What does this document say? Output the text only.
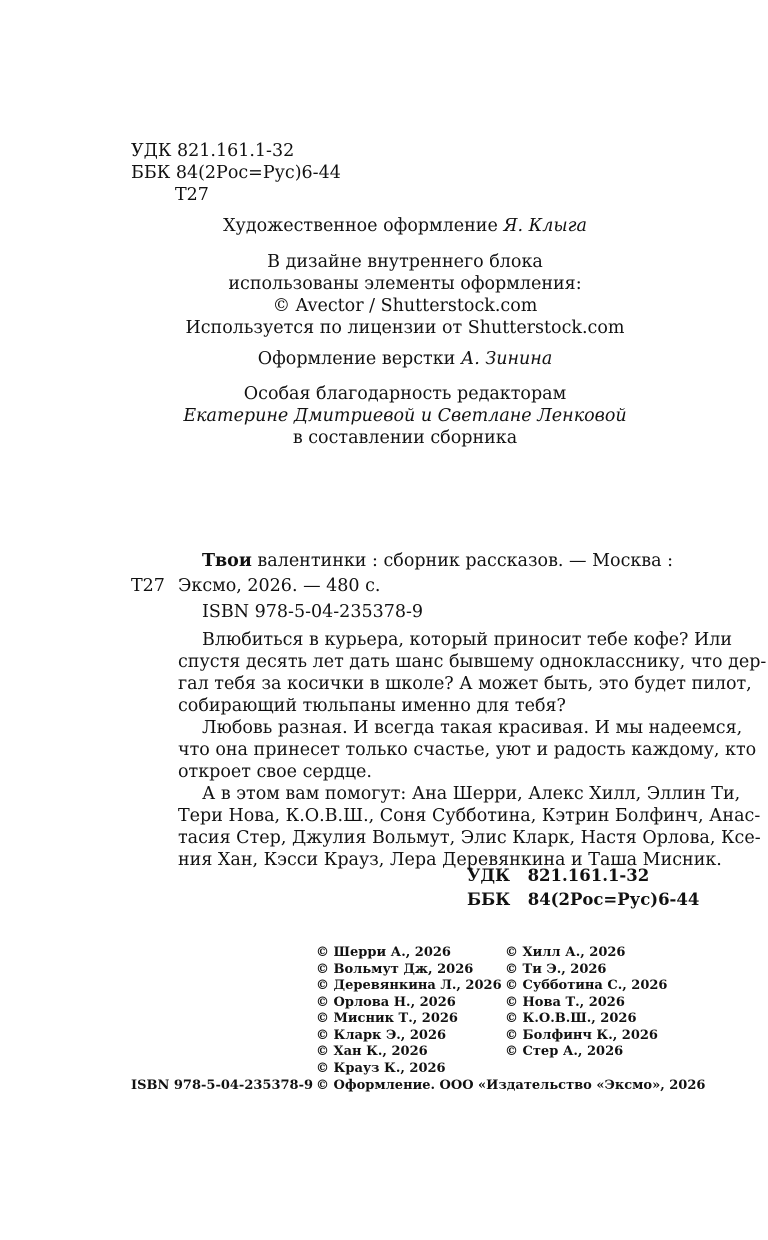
УДК 821.161.1-32
ББК 84(2Рос=Рус)6-44
Т27
Художественное оформление Я. Клыга
В дизайне внутреннего блока
использованы элементы оформления:
© Avector / Shutterstock.com
Используется по лицензии от Shutterstock.com
Оформление верстки А. Зинина
Особая благодарность редакторам
Екатерине Дмитриевой и Светлане Ленковой
в составлении сборника
Твои валентинки : сборник рассказов. — Москва :
Т27 Эксмо, 2026. — 480 с.
ISBN 978-5-04-235378-9
Влюбиться в курьера, который приносит тебе кофе? Или
спустя десять лет дать шанс бывшему однокласснику, что дер-
гал тебя за косички в школе? А может быть, это будет пилот,
собирающий тюльпаны именно для тебя?
Любовь разная. И всегда такая красивая. И мы надеемся,
что она принесет только счастье, уют и радость каждому, кто
откроет свое сердце.
А в этом вам помогут: Ана Шерри, Алекс Хилл, Эллин Ти,
Тери Нова, К.О.В.Ш., Соня Субботина, Кэтрин Болфинч, Анас-
тасия Стер, Джулия Вольмут, Элис Кларк, Настя Орлова, Ксе-
ния Хан, Кэсси Крауз, Лера Деревянкина и Таша Мисник.
УДК 821.161.1-32
ББК 84(2Рос=Рус)6-44
© Шерри А., 2026
© Вольмут Дж, 2026
© Деревянкина Л., 2026
© Орлова Н., 2026
© Мисник Т., 2026
© Кларк Э., 2026
© Хан К., 2026
© Крауз К., 2026
© Хилл А., 2026
© Ти Э., 2026
© Субботина С., 2026
© Нова Т., 2026
© К.О.В.Ш., 2026
© Болфинч К., 2026
© Стер А., 2026
ISBN 978-5-04-235378-9 © Оформление. ООО «Издательство «Эксмо», 2026
